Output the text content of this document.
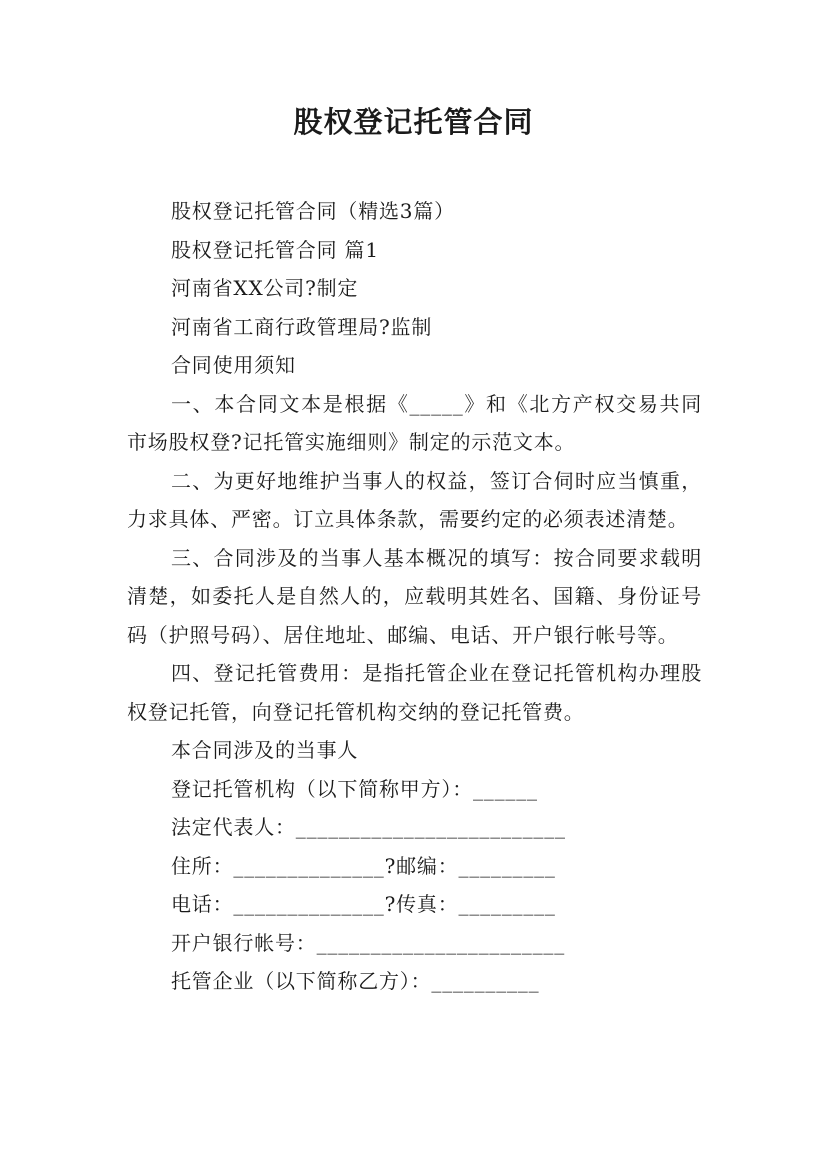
股权登记托管合同

股权登记托管合同（精选3篇）

股权登记托管合同 篇1

河南省XX公司?制定

河南省工商行政管理局?监制

合同使用须知

一、本合同文本是根据《_____》和《北方产权交易共同市场股权登?记托管实施细则》制定的示范文本。

二、为更好地维护当事人的权益，签订合伺时应当慎重，力求具体、严密。订立具体条款，需要约定的必须表述清楚。

三、合同涉及的当事人基本概况的填写：按合同要求载明清楚，如委托人是自然人的，应载明其姓名、国籍、身份证号码（护照号码）、居住地址、邮编、电话、开户银行帐号等。

四、登记托管费用：是指托管企业在登记托管机构办理股权登记托管，向登记托管机构交纳的登记托管费。

本合同涉及的当事人

登记托管机构（以下简称甲方）：______

法定代表人：_________________________

住所：______________?邮编：_________

电话：______________?传真：_________

开户银行帐号：_______________________

托管企业（以下简称乙方）：__________
